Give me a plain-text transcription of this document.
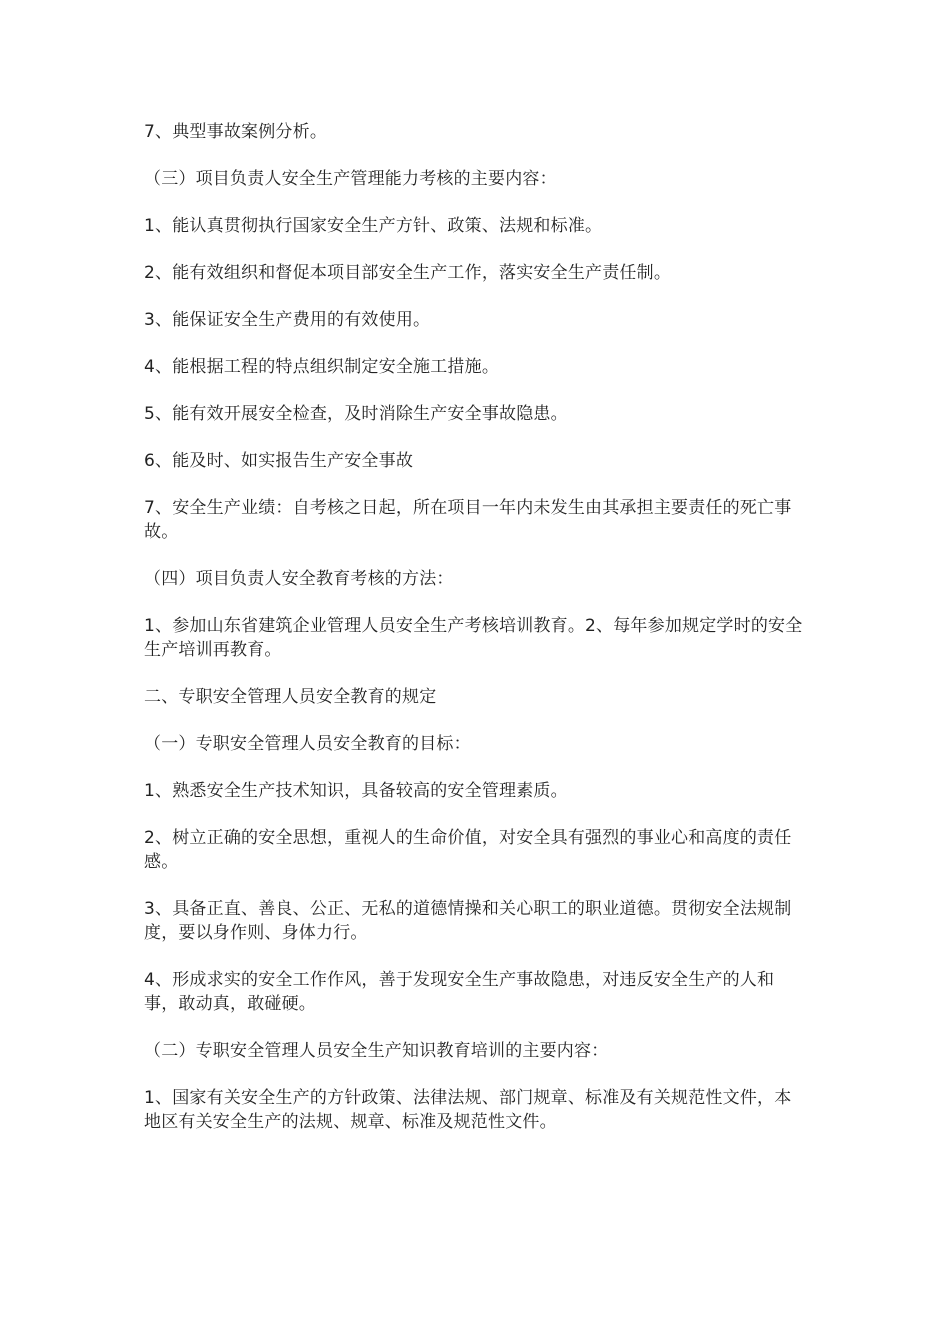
7、典型事故案例分析。

（三）项目负责人安全生产管理能力考核的主要内容：

1、能认真贯彻执行国家安全生产方针、政策、法规和标准。

2、能有效组织和督促本项目部安全生产工作，落实安全生产责任制。

3、能保证安全生产费用的有效使用。

4、能根据工程的特点组织制定安全施工措施。

5、能有效开展安全检查，及时消除生产安全事故隐患。

6、能及时、如实报告生产安全事故

7、安全生产业绩：自考核之日起，所在项目一年内未发生由其承担主要责任的死亡事故。

（四）项目负责人安全教育考核的方法：

1、参加山东省建筑企业管理人员安全生产考核培训教育。2、每年参加规定学时的安全生产培训再教育。

二、专职安全管理人员安全教育的规定

（一）专职安全管理人员安全教育的目标：

1、熟悉安全生产技术知识，具备较高的安全管理素质。

2、树立正确的安全思想，重视人的生命价值，对安全具有强烈的事业心和高度的责任感。

3、具备正直、善良、公正、无私的道德情操和关心职工的职业道德。贯彻安全法规制度，要以身作则、身体力行。

4、形成求实的安全工作作风，善于发现安全生产事故隐患，对违反安全生产的人和事，敢动真，敢碰硬。

（二）专职安全管理人员安全生产知识教育培训的主要内容：

1、国家有关安全生产的方针政策、法律法规、部门规章、标准及有关规范性文件，本地区有关安全生产的法规、规章、标准及规范性文件。
